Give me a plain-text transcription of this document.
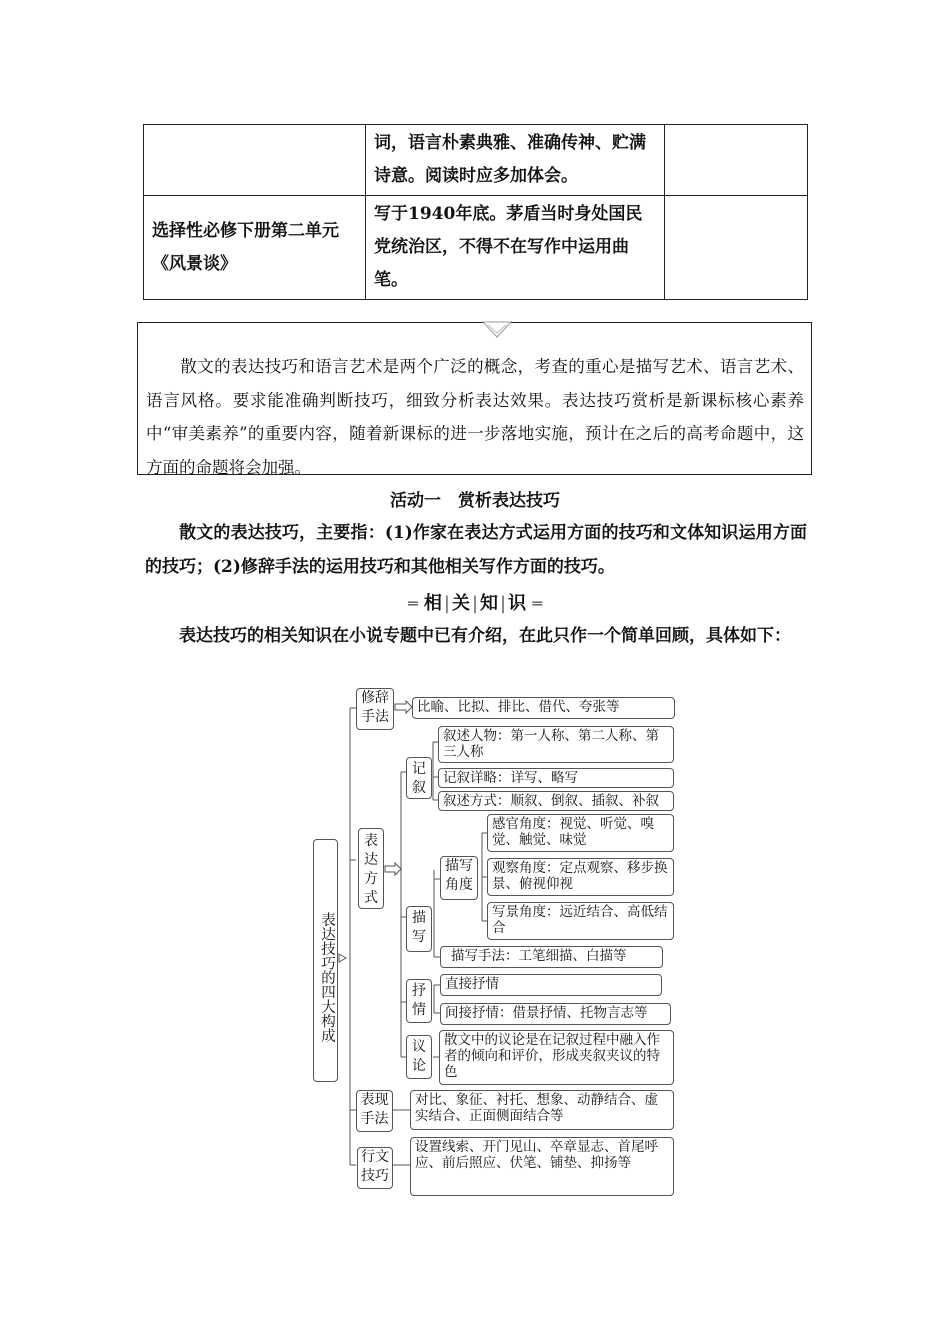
	词，语言朴素典雅、准确传神、贮满诗意。阅读时应多加体会。	
选择性必修下册第二单元《风景谈》	写于1940年底。茅盾当时身处国民党统治区，不得不在写作中运用曲笔。	
散文的表达技巧和语言艺术是两个广泛的概念，考查的重心是描写艺术、语言艺术、语言风格。要求能准确判断技巧，细致分析表达效果。表达技巧赏析是新课标核心素养中“审美素养”的重要内容，随着新课标的进一步落地实施，预计在之后的高考命题中，这方面的命题将会加强。
活动一　赏析表达技巧
散文的表达技巧，主要指：(1)作家在表达方式运用方面的技巧和文体知识运用方面的技巧；(2)修辞手法的运用技巧和其他相关写作方面的技巧。
═ 相 | 关 | 知 | 识 ═
表达技巧的相关知识在小说专题中已有介绍，在此只作一个简单回顾，具体如下：
表达技巧的四大构成
修辞手法
比喻、比拟、排比、借代、夸张等
表达方式
记叙
叙述人物：第一人称、第二人称、第三人称
记叙详略：详写、略写
叙述方式：顺叙、倒叙、插叙、补叙
描写
描写角度
感官角度：视觉、听觉、嗅觉、触觉、味觉
观察角度：定点观察、移步换景、俯视仰视
写景角度：远近结合、高低结合
描写手法：工笔细描、白描等
抒情
直接抒情
间接抒情：借景抒情、托物言志等
议论
散文中的议论是在记叙过程中融入作者的倾向和评价，形成夹叙夹议的特色
表现手法
对比、象征、衬托、想象、动静结合、虚实结合、正面侧面结合等
行文技巧
设置线索、开门见山、卒章显志、首尾呼应、前后照应、伏笔、铺垫、抑扬等
